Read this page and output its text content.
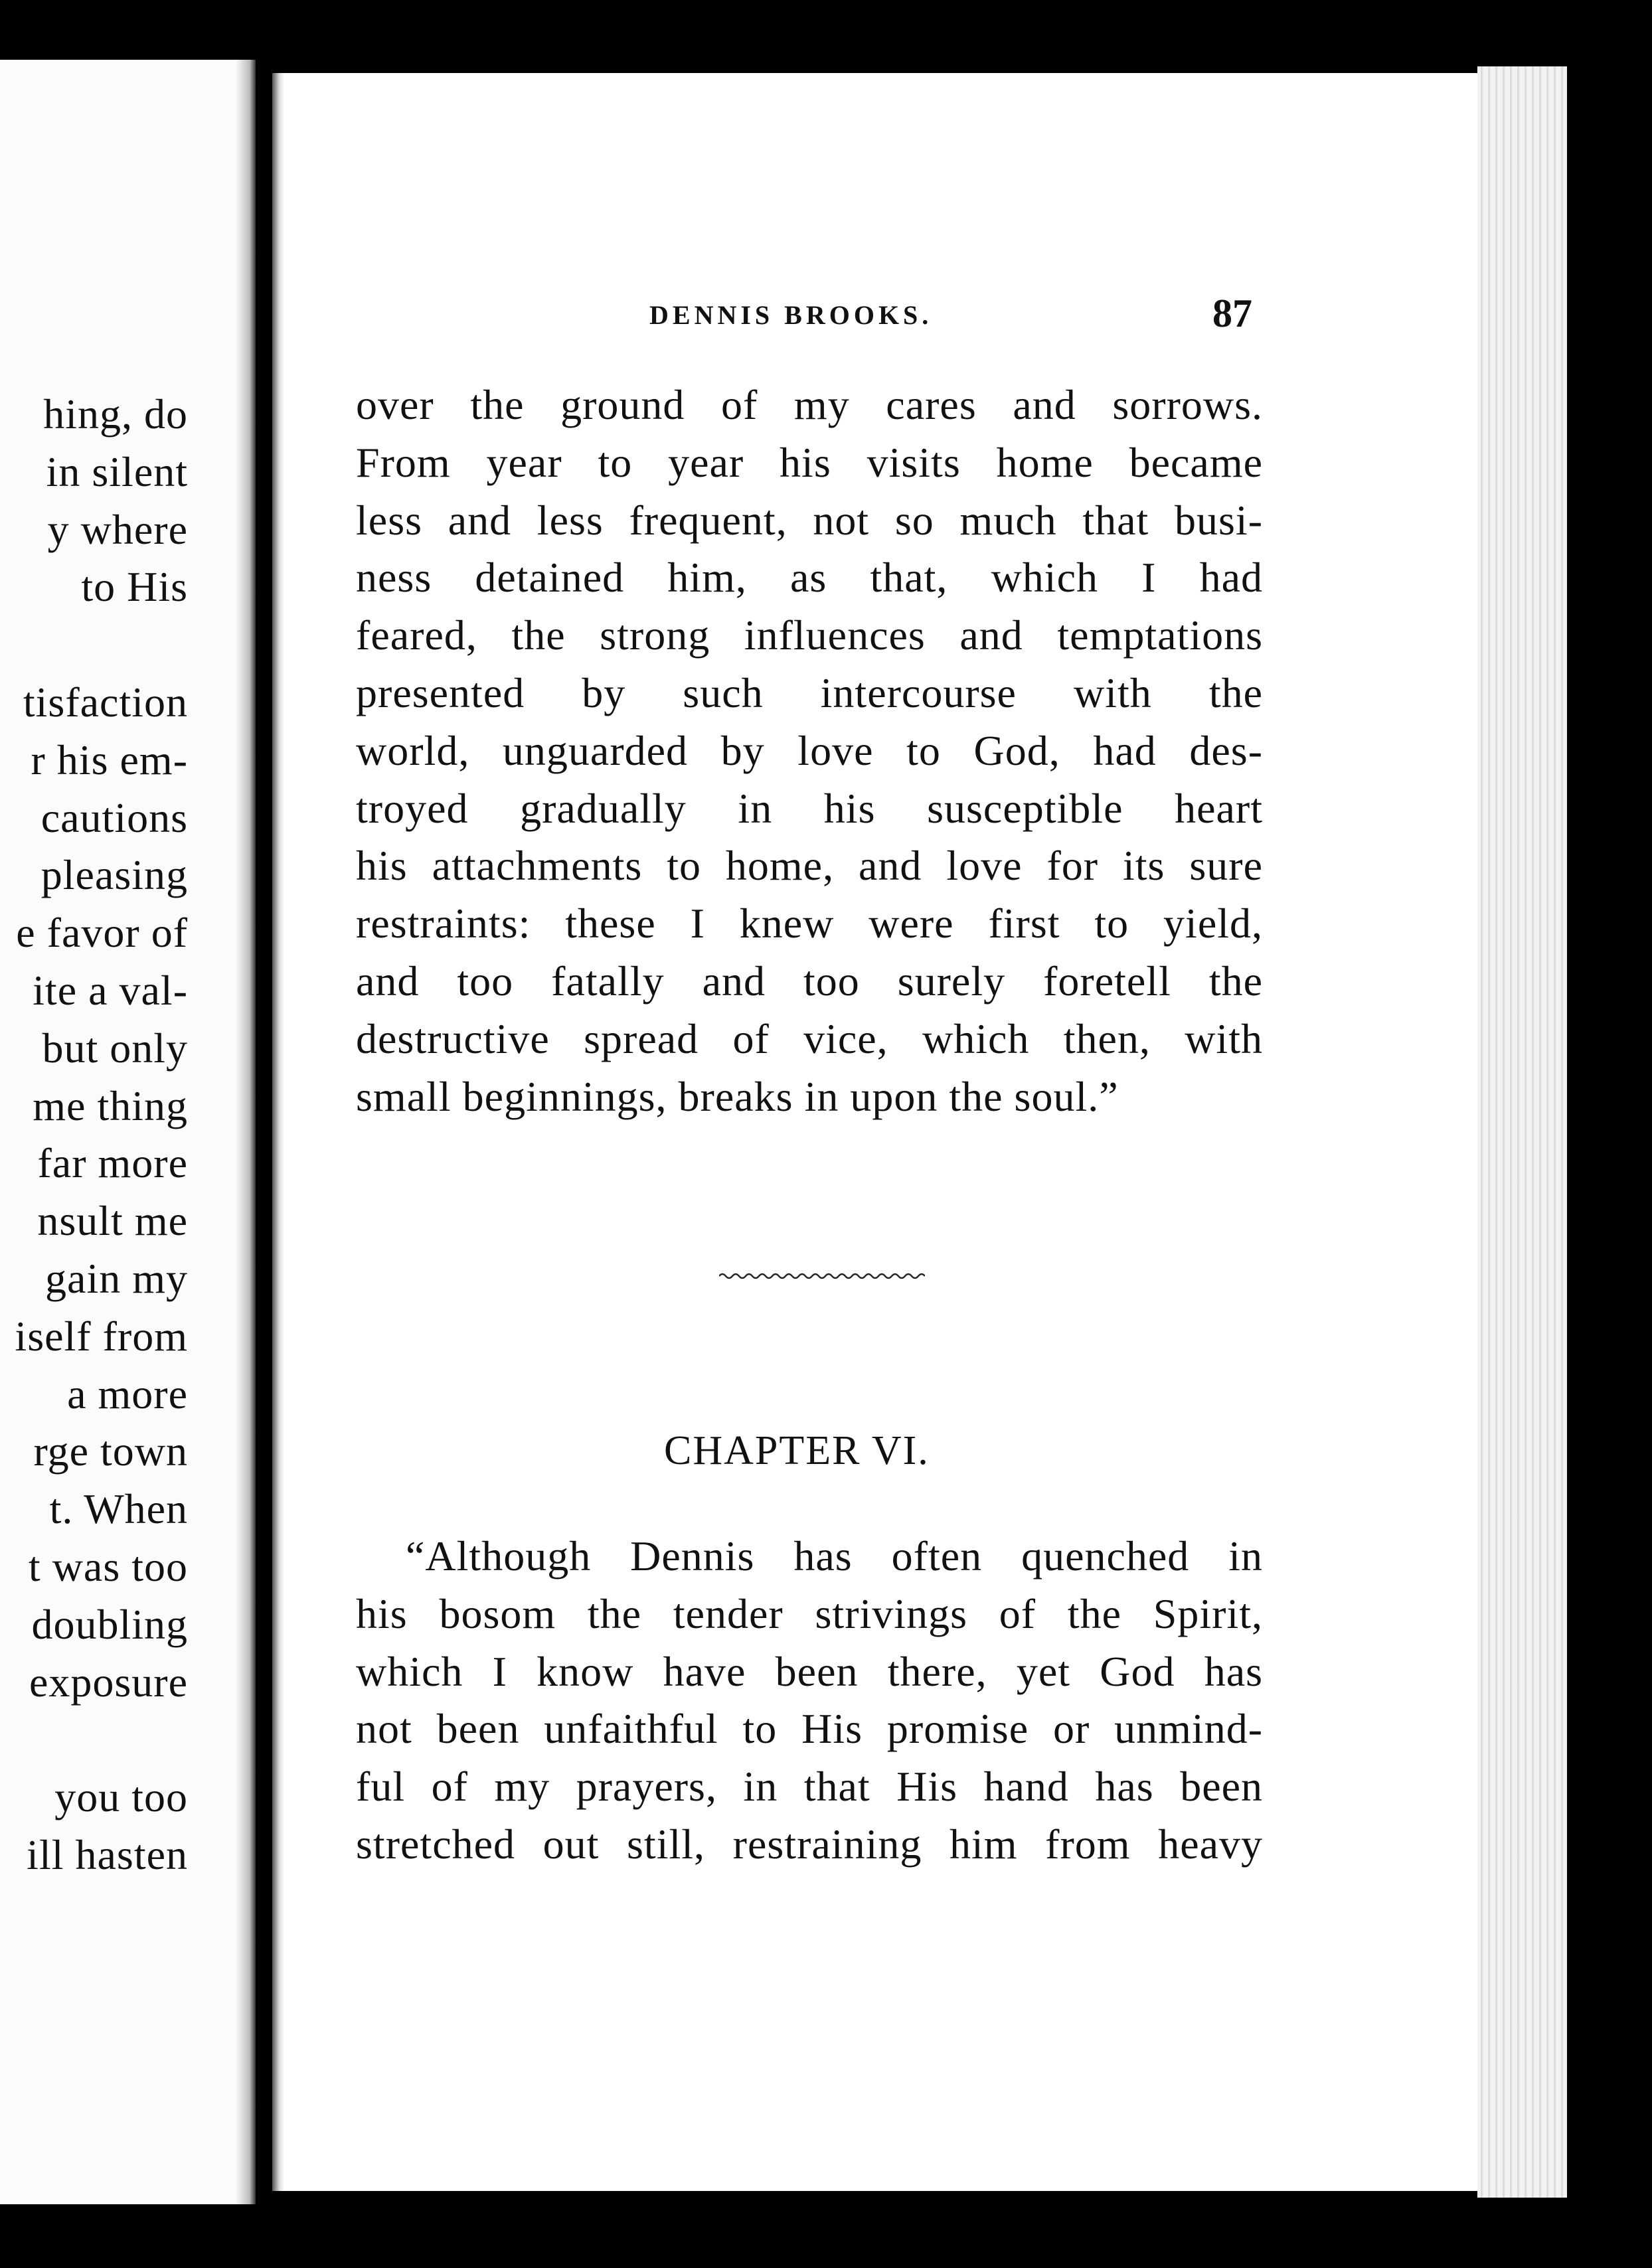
hing, do
in silent
y where
to His
tisfaction
r his em-
cautions
pleasing
e favor of
ite a val-
but only
me thing
far more
nsult me
gain my
iself from
a more
rge town
t. When
t was too
doubling
exposure
you too
ill hasten
DENNIS BROOKS.	87

over the ground of my cares and sorrows.

From year to year his visits home became

less and less frequent, not so much that busi-

ness detained him, as that, which I had

feared, the strong influences and temptations

presented by such intercourse with the

world, unguarded by love to God, had des-

troyed gradually in his susceptible heart

his attachments to home, and love for its sure

restraints: these I knew were first to yield,

and too fatally and too surely foretell the

destructive spread of vice, which then, with

small beginnings, breaks in upon the soul.”

CHAPTER VI.

“Although Dennis has often quenched in

his bosom the tender strivings of the Spirit,

which I know have been there, yet God has

not been unfaithful to His promise or unmind-

ful of my prayers, in that His hand has been

stretched out still, restraining him from heavy
